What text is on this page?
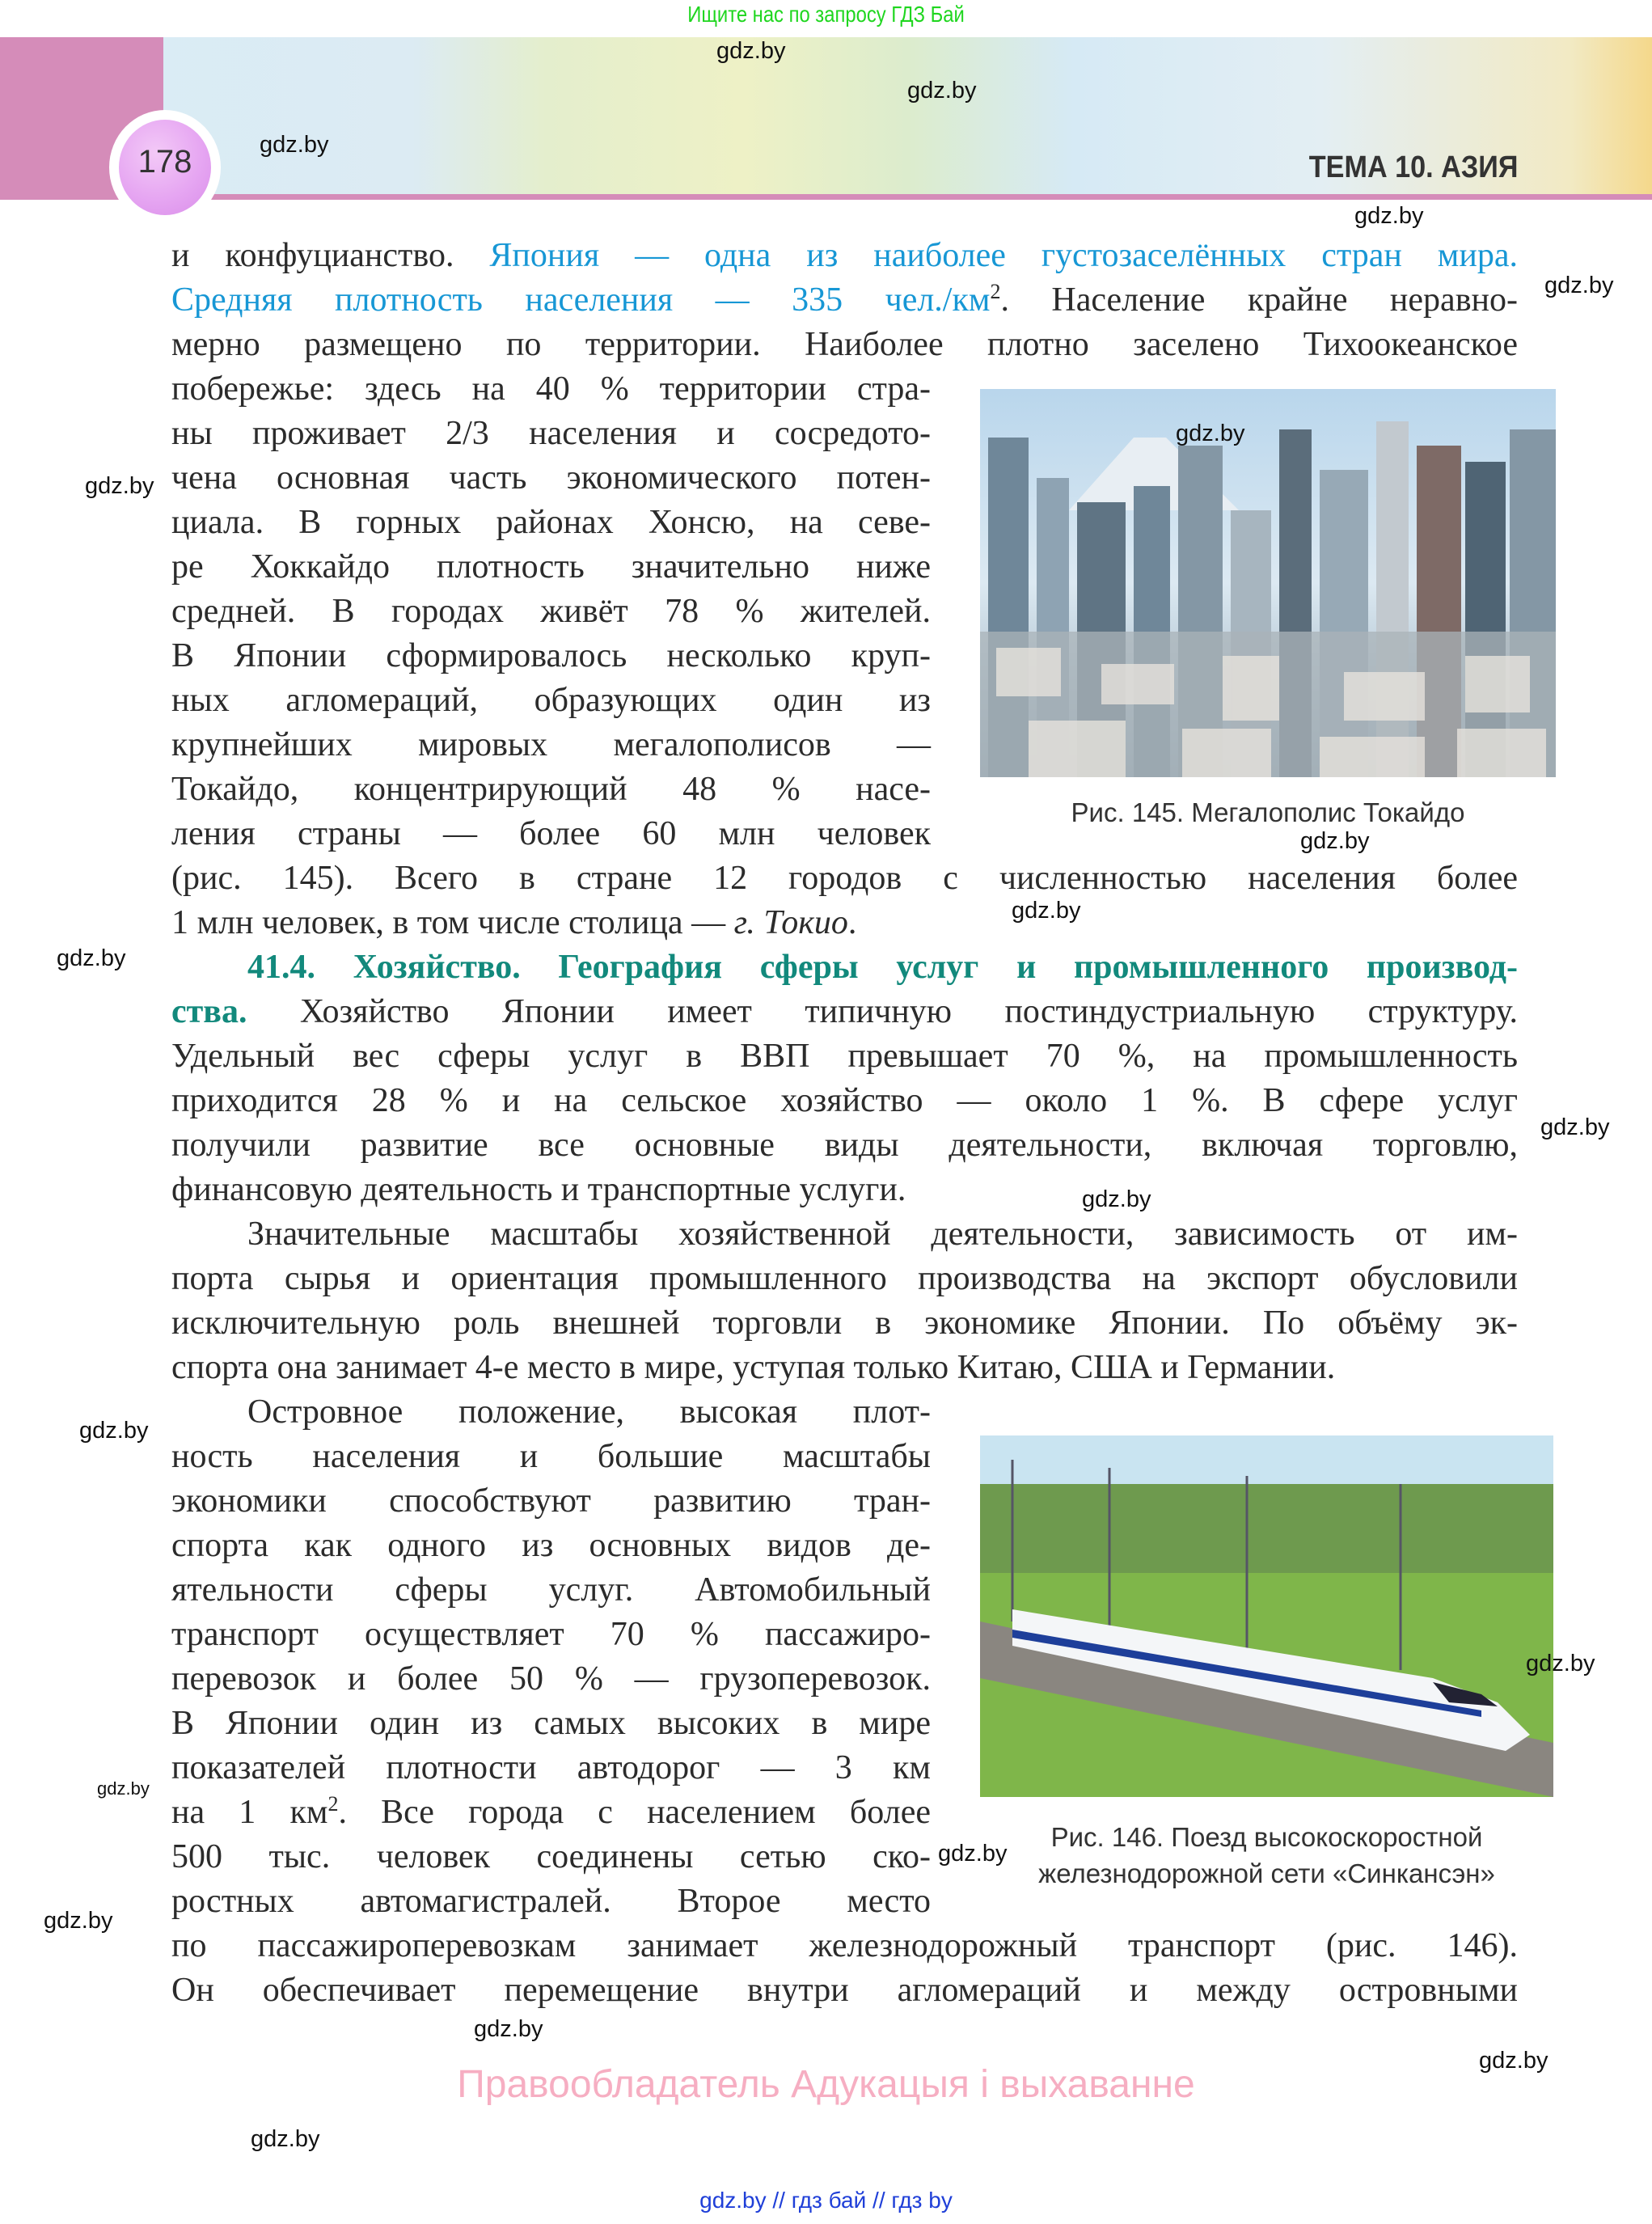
Ищите нас по запросу ГДЗ Бай
178	ТЕМА 10. АЗИЯ
и конфуцианство. Япония — одна из наиболее густозаселённых стран мира.
Средняя плотность населения — 335 $чел./км^2$. Население крайне неравно-
мерно размещено по территории. Наиболее плотно заселено Тихоокеанское
побережье: здесь на 40 % территории стра-
ны проживает 2/3 населения и сосредото-
чена основная часть экономического потен-
циала. В горных районах Хонсю, на севе-
ре Хоккайдо плотность значительно ниже
средней. В городах живёт 78 % жителей.
В Японии сформировалось несколько круп-
ных агломераций, образующих один из
крупнейших мировых мегалополисов —
Токайдо, концентрирующий 48 % насе-
ления страны — более 60 млн человек
(рис. 145). Всего в стране 12 городов с численностью населения более
1 млн человек, в том числе столица — г. Токио.
41.4. Хозяйство. География сферы услуг и промышленного производ-
ства. Хозяйство Японии имеет типичную постиндустриальную структуру.
Удельный вес сферы услуг в ВВП превышает 70 %, на промышленность
приходится 28 % и на сельское хозяйство — около 1 %. В сфере услуг
получили развитие все основные виды деятельности, включая торговлю,
финансовую деятельность и транспортные услуги.
Значительные масштабы хозяйственной деятельности, зависимость от им-
порта сырья и ориентация промышленного производства на экспорт обусловили
исключительную роль внешней торговли в экономике Японии. По объёму эк-
спорта она занимает 4-е место в мире, уступая только Китаю, США и Германии.
Островное положение, высокая плот-
ность населения и большие масштабы
экономики способствуют развитию тран-
спорта как одного из основных видов де-
ятельности сферы услуг. Автомобильный
транспорт осуществляет 70 % пассажиро-
перевозок и более 50 % — грузоперевозок.
В Японии один из самых высоких в мире
показателей плотности автодорог — 3 км
на 1 $км^2$. Все города с населением более
500 тыс. человек соединены сетью ско-
ростных автомагистралей. Второе место
по пассажироперевозкам занимает железнодорожный транспорт (рис. 146).
Он обеспечивает перемещение внутри агломераций и между островными
Рис. 145. Мегалополис Токайдо
Рис. 146. Поезд высокоскоростной
железнодорожной сети «Синкансэн»
gdz.by
gdz.by
gdz.by
gdz.by
gdz.by
gdz.by
gdz.by
gdz.by
gdz.by
gdz.by
gdz.by
gdz.by
gdz.by
gdz.by
gdz.by
gdz.by
gdz.by
gdz.by
gdz.by
gdz.by
Правообладатель Адукацыя і выхаванне
gdz.by // гдз бай // гдз by
